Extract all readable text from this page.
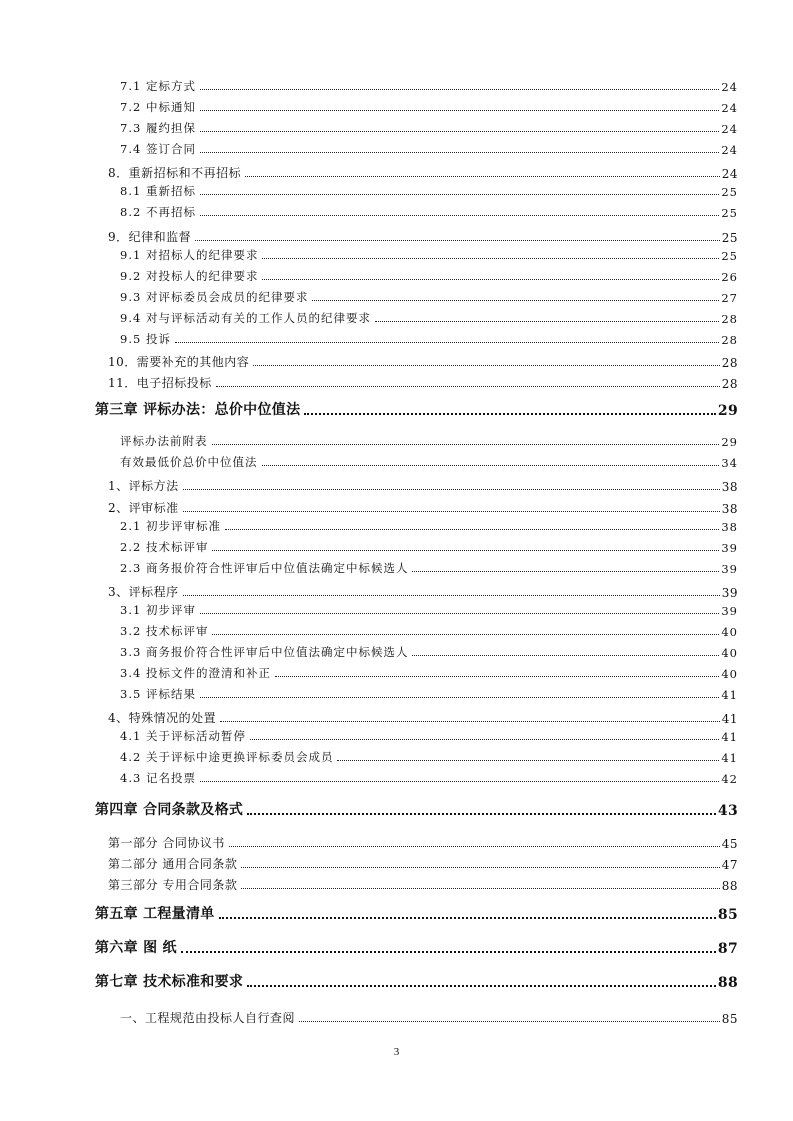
7.1 定标方式	24
7.2 中标通知	24
7.3 履约担保	24
7.4 签订合同	24
8．重新招标和不再招标	24
8.1 重新招标	25
8.2 不再招标	25
9．纪律和监督	25
9.1 对招标人的纪律要求	25
9.2 对投标人的纪律要求	26
9.3 对评标委员会成员的纪律要求	27
9.4 对与评标活动有关的工作人员的纪律要求	28
9.5 投诉	28
10．需要补充的其他内容	28
11．电子招标投标	28
第三章 评标办法：总价中位值法	29
评标办法前附表	29
有效最低价总价中位值法	34
1、评标方法	38
2、评审标准	38
2.1 初步评审标准	38
2.2 技术标评审	39
2.3 商务报价符合性评审后中位值法确定中标候选人	39
3、评标程序	39
3.1 初步评审	39
3.2 技术标评审	40
3.3 商务报价符合性评审后中位值法确定中标候选人	40
3.4 投标文件的澄清和补正	40
3.5 评标结果	41
4、特殊情况的处置	41
4.1 关于评标活动暂停	41
4.2 关于评标中途更换评标委员会成员	41
4.3 记名投票	42
第四章 合同条款及格式	43
第一部分 合同协议书	45
第二部分 通用合同条款	47
第三部分 专用合同条款	88
第五章 工程量清单	85
第六章 图 纸	87
第七章 技术标准和要求	88
一、工程规范由投标人自行查阅	85
3
